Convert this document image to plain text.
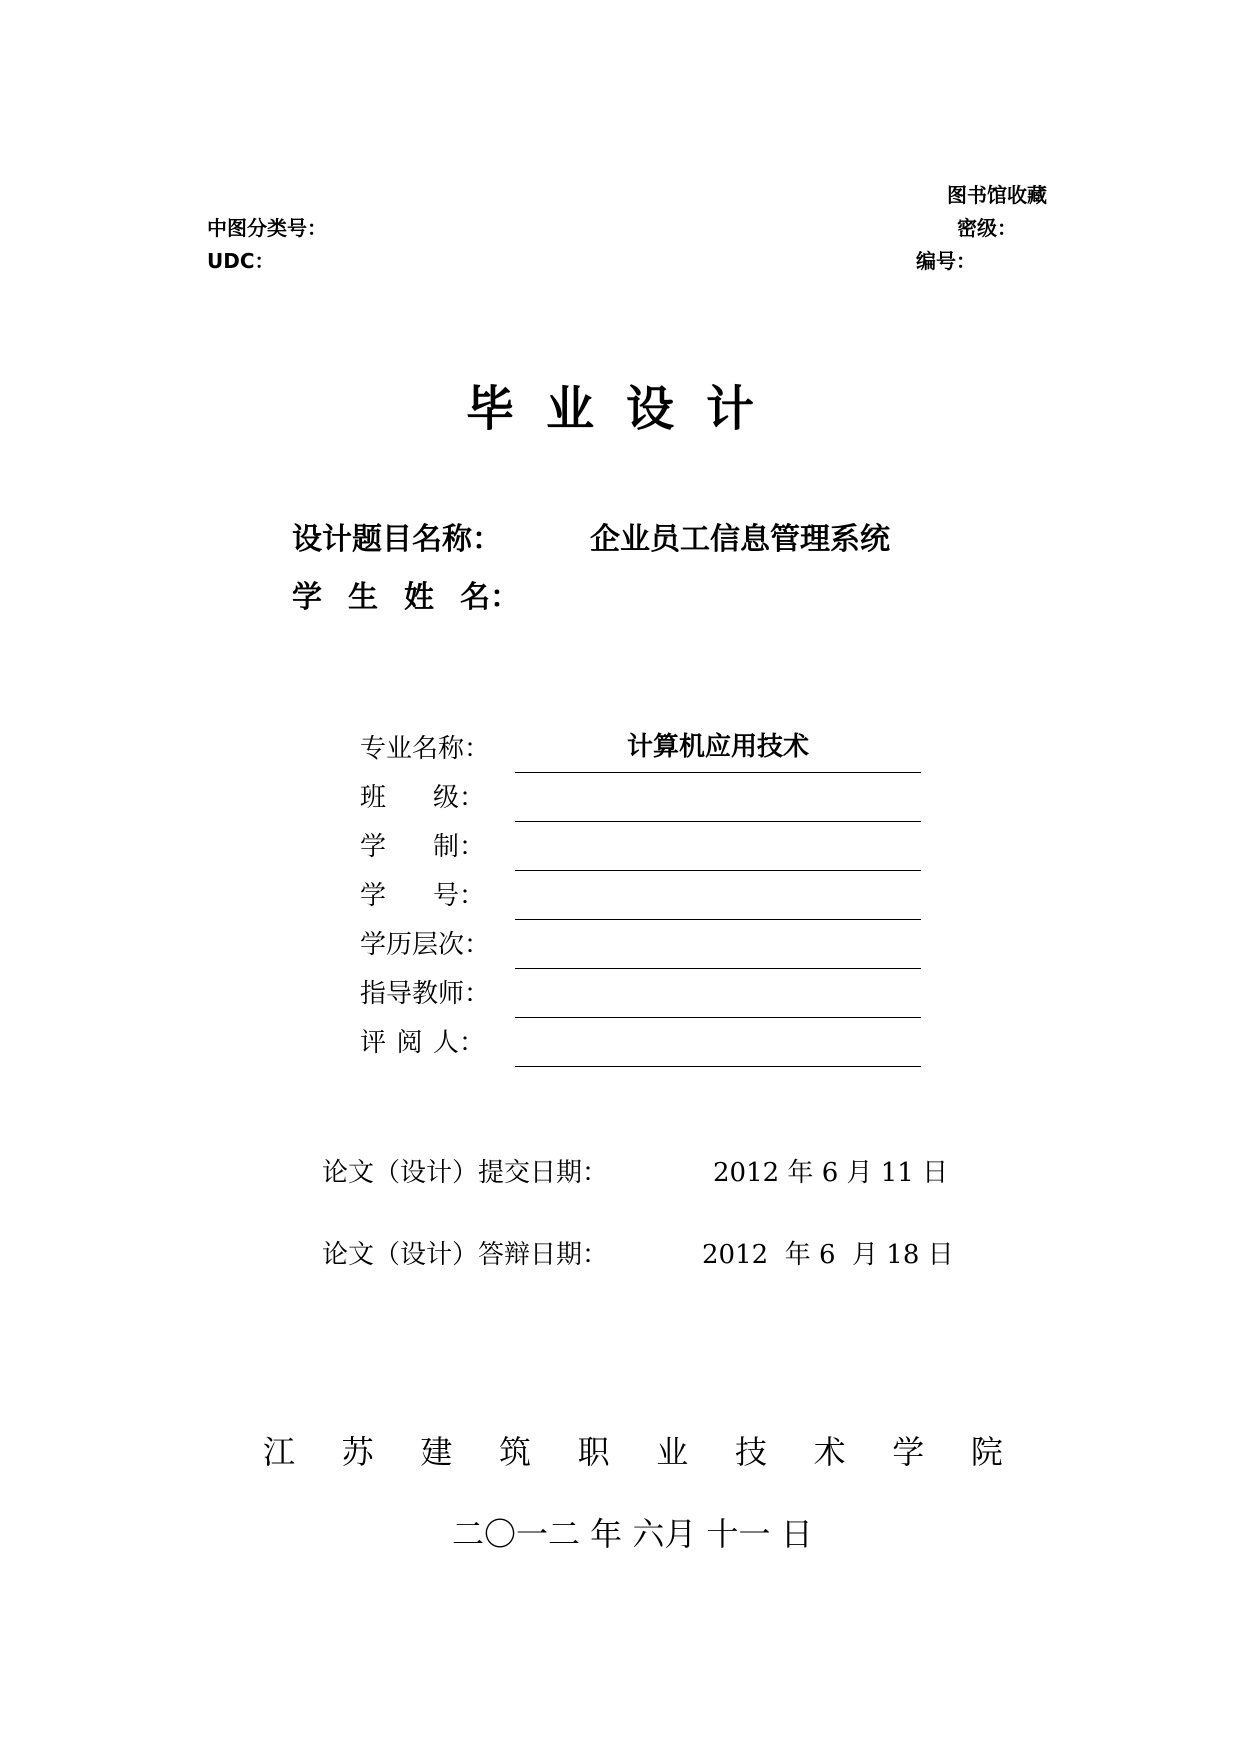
图书馆收藏
中图分类号：	密级：
UDC：	编号：
毕 业 设 计
设计题目名称：	企业员工信息管理系统
学 生 姓 名：
专业名称：	计算机应用技术
班 级：
学 制：
学 号：
学历层次：
指导教师：
评 阅 人：
论文（设计）提交日期：	2012 年 6 月 11 日
论文（设计）答辩日期：	2012  年 6  月 18 日
江 苏 建 筑 职 业 技 术 学 院
二〇一二 年 六月 十一 日
